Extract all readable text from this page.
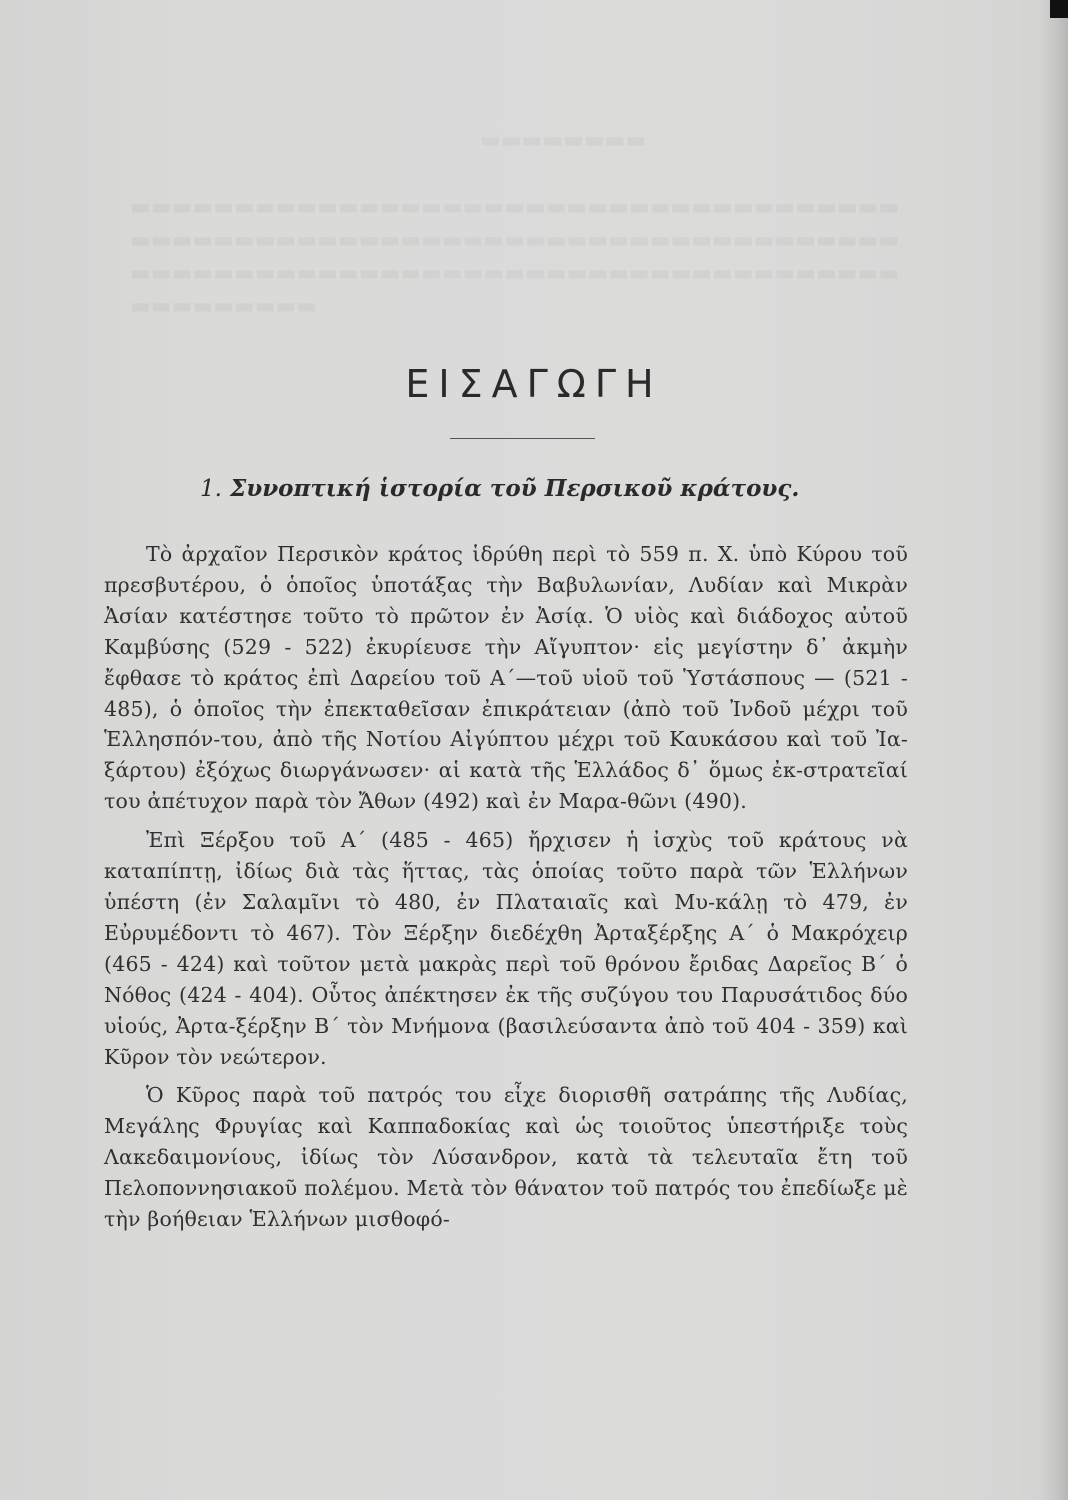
▬▬▬▬▬▬▬▬
▬▬▬▬▬▬▬▬▬▬▬▬▬▬▬▬▬▬▬▬▬▬▬▬▬▬▬▬▬▬▬▬▬▬▬▬▬
▬▬▬▬▬▬▬▬▬▬▬▬▬▬▬▬▬▬▬▬▬▬▬▬▬▬▬▬▬▬▬▬▬▬▬▬▬
▬▬▬▬▬▬▬▬▬▬▬▬▬▬▬▬▬▬▬▬▬▬▬▬▬▬▬▬▬▬▬▬▬▬▬▬▬
▬▬▬▬▬▬▬▬▬
ΕΙΣΑΓΩΓΗ
1. Συνοπτική ἱστορία τοῦ Περσικοῦ κράτους.

Τὸ ἀρχαῖον Περσικὸν κράτος ἱδρύθη περὶ τὸ 559 π. Χ. ὑπὸ Κύρου τοῦ πρεσβυτέρου, ὁ ὁποῖος ὑποτάξας τὴν Βαβυλωνίαν, Λυδίαν καὶ Μικρὰν Ἀσίαν κατέστησε τοῦτο τὸ πρῶτον ἐν Ἀσίᾳ. Ὁ υἱὸς καὶ διάδοχος αὐτοῦ Καμβύσης (529 - 522) ἐκυρίευσε τὴν Αἴγυπτον· εἰς μεγίστην δ᾽ ἀκμὴν ἔφθασε τὸ κράτος ἐπὶ Δαρείου τοῦ Α΄—τοῦ υἱοῦ τοῦ Ὑστάσπους — (521 - 485), ὁ ὁποῖος τὴν ἐπεκταθεῖσαν ἐπικράτειαν (ἀπὸ τοῦ Ἰνδοῦ μέχρι τοῦ Ἑλλησπόν-του, ἀπὸ τῆς Νοτίου Αἰγύπτου μέχρι τοῦ Καυκάσου καὶ τοῦ Ἰα-ξάρτου) ἐξόχως διωργάνωσεν· αἱ κατὰ τῆς Ἑλλάδος δ᾽ ὅμως ἐκ-στρατεῖαί του ἀπέτυχον παρὰ τὸν Ἄθων (492) καὶ ἐν Μαρα-θῶνι (490).

Ἐπὶ Ξέρξου τοῦ Α΄ (485 - 465) ἤρχισεν ἡ ἰσχὺς τοῦ κράτους νὰ καταπίπτῃ, ἰδίως διὰ τὰς ἥττας, τὰς ὁποίας τοῦτο παρὰ τῶν Ἑλλήνων ὑπέστη (ἐν Σαλαμῖνι τὸ 480, ἐν Πλαταιαῖς καὶ Μυ-κάλῃ τὸ 479, ἐν Εὐρυμέδοντι τὸ 467). Τὸν Ξέρξην διεδέχθη Ἀρταξέρξης Α΄ ὁ Μακρόχειρ (465 - 424) καὶ τοῦτον μετὰ μακρὰς περὶ τοῦ θρόνου ἔριδας Δαρεῖος Β΄ ὁ Νόθος (424 - 404). Οὗτος ἀπέκτησεν ἐκ τῆς συζύγου του Παρυσάτιδος δύο υἱούς, Ἀρτα-ξέρξην Β΄ τὸν Μνήμονα (βασιλεύσαντα ἀπὸ τοῦ 404 - 359) καὶ Κῦρον τὸν νεώτερον.

Ὁ Κῦρος παρὰ τοῦ πατρός του εἶχε διορισθῆ σατράπης τῆς Λυδίας, Μεγάλης Φρυγίας καὶ Καππαδοκίας καὶ ὡς τοιοῦτος ὑπεστήριξε τοὺς Λακεδαιμονίους, ἰδίως τὸν Λύσανδρον, κατὰ τὰ τελευταῖα ἔτη τοῦ Πελοποννησιακοῦ πολέμου. Μετὰ τὸν θάνατον τοῦ πατρός του ἐπεδίωξε μὲ τὴν βοήθειαν Ἑλλήνων μισθοφό-
